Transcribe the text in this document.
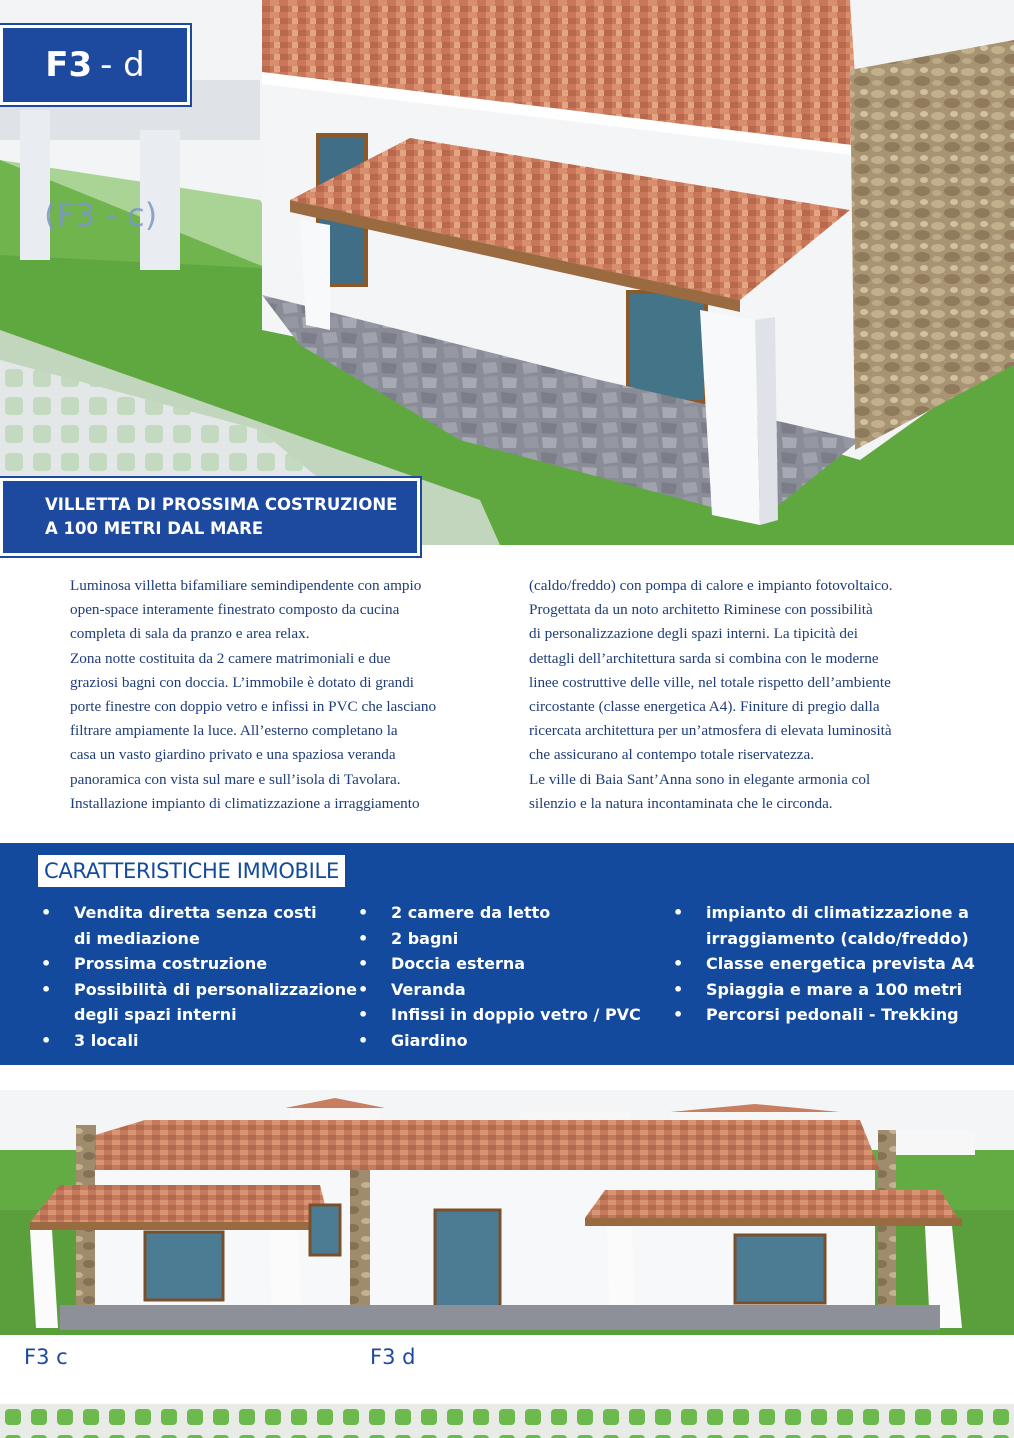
F3 - d
(F3 - c)
VILLETTA DI PROSSIMA COSTRUZIONE
A 100 METRI DAL MARE

Luminosa villetta bifamiliare semindipendente con ampio

open-space interamente finestrato composto da cucina

completa di sala da pranzo e area relax.

Zona notte costituita da 2 camere matrimoniali e due

graziosi bagni con doccia. L’immobile è dotato di grandi

porte finestre con doppio vetro e infissi in PVC che lasciano

filtrare ampiamente la luce. All’esterno completano la

casa un vasto giardino privato e una spaziosa veranda

panoramica con vista sul mare e sull’isola di Tavolara.

Installazione impianto di climatizzazione a irraggiamento

(caldo/freddo) con pompa di calore e impianto fotovoltaico.

Progettata da un noto architetto Riminese con possibilità

di personalizzazione degli spazi interni. La tipicità dei

dettagli dell’architettura sarda si combina con le moderne

linee costruttive delle ville, nel totale rispetto dell’ambiente

circostante (classe energetica A4). Finiture di pregio dalla

ricercata architettura per un’atmosfera di elevata luminosità

che assicurano al contempo totale riservatezza.

Le ville di Baia Sant’Anna sono in elegante armonia col

silenzio e la natura incontaminata che le circonda.

CARATTERISTICHE IMMOBILE
• Vendita diretta senza costi
di mediazione
• Prossima costruzione
• Possibilità di personalizzazione
degli spazi interni
• 3 locali
• 2 camere da letto
• 2 bagni
• Doccia esterna
• Veranda
• Infissi in doppio vetro / PVC
• Giardino
• impianto di climatizzazione a
irraggiamento (caldo/freddo)
• Classe energetica prevista A4
• Spiaggia e mare a 100 metri
• Percorsi pedonali - Trekking
F3 c	F3 d
